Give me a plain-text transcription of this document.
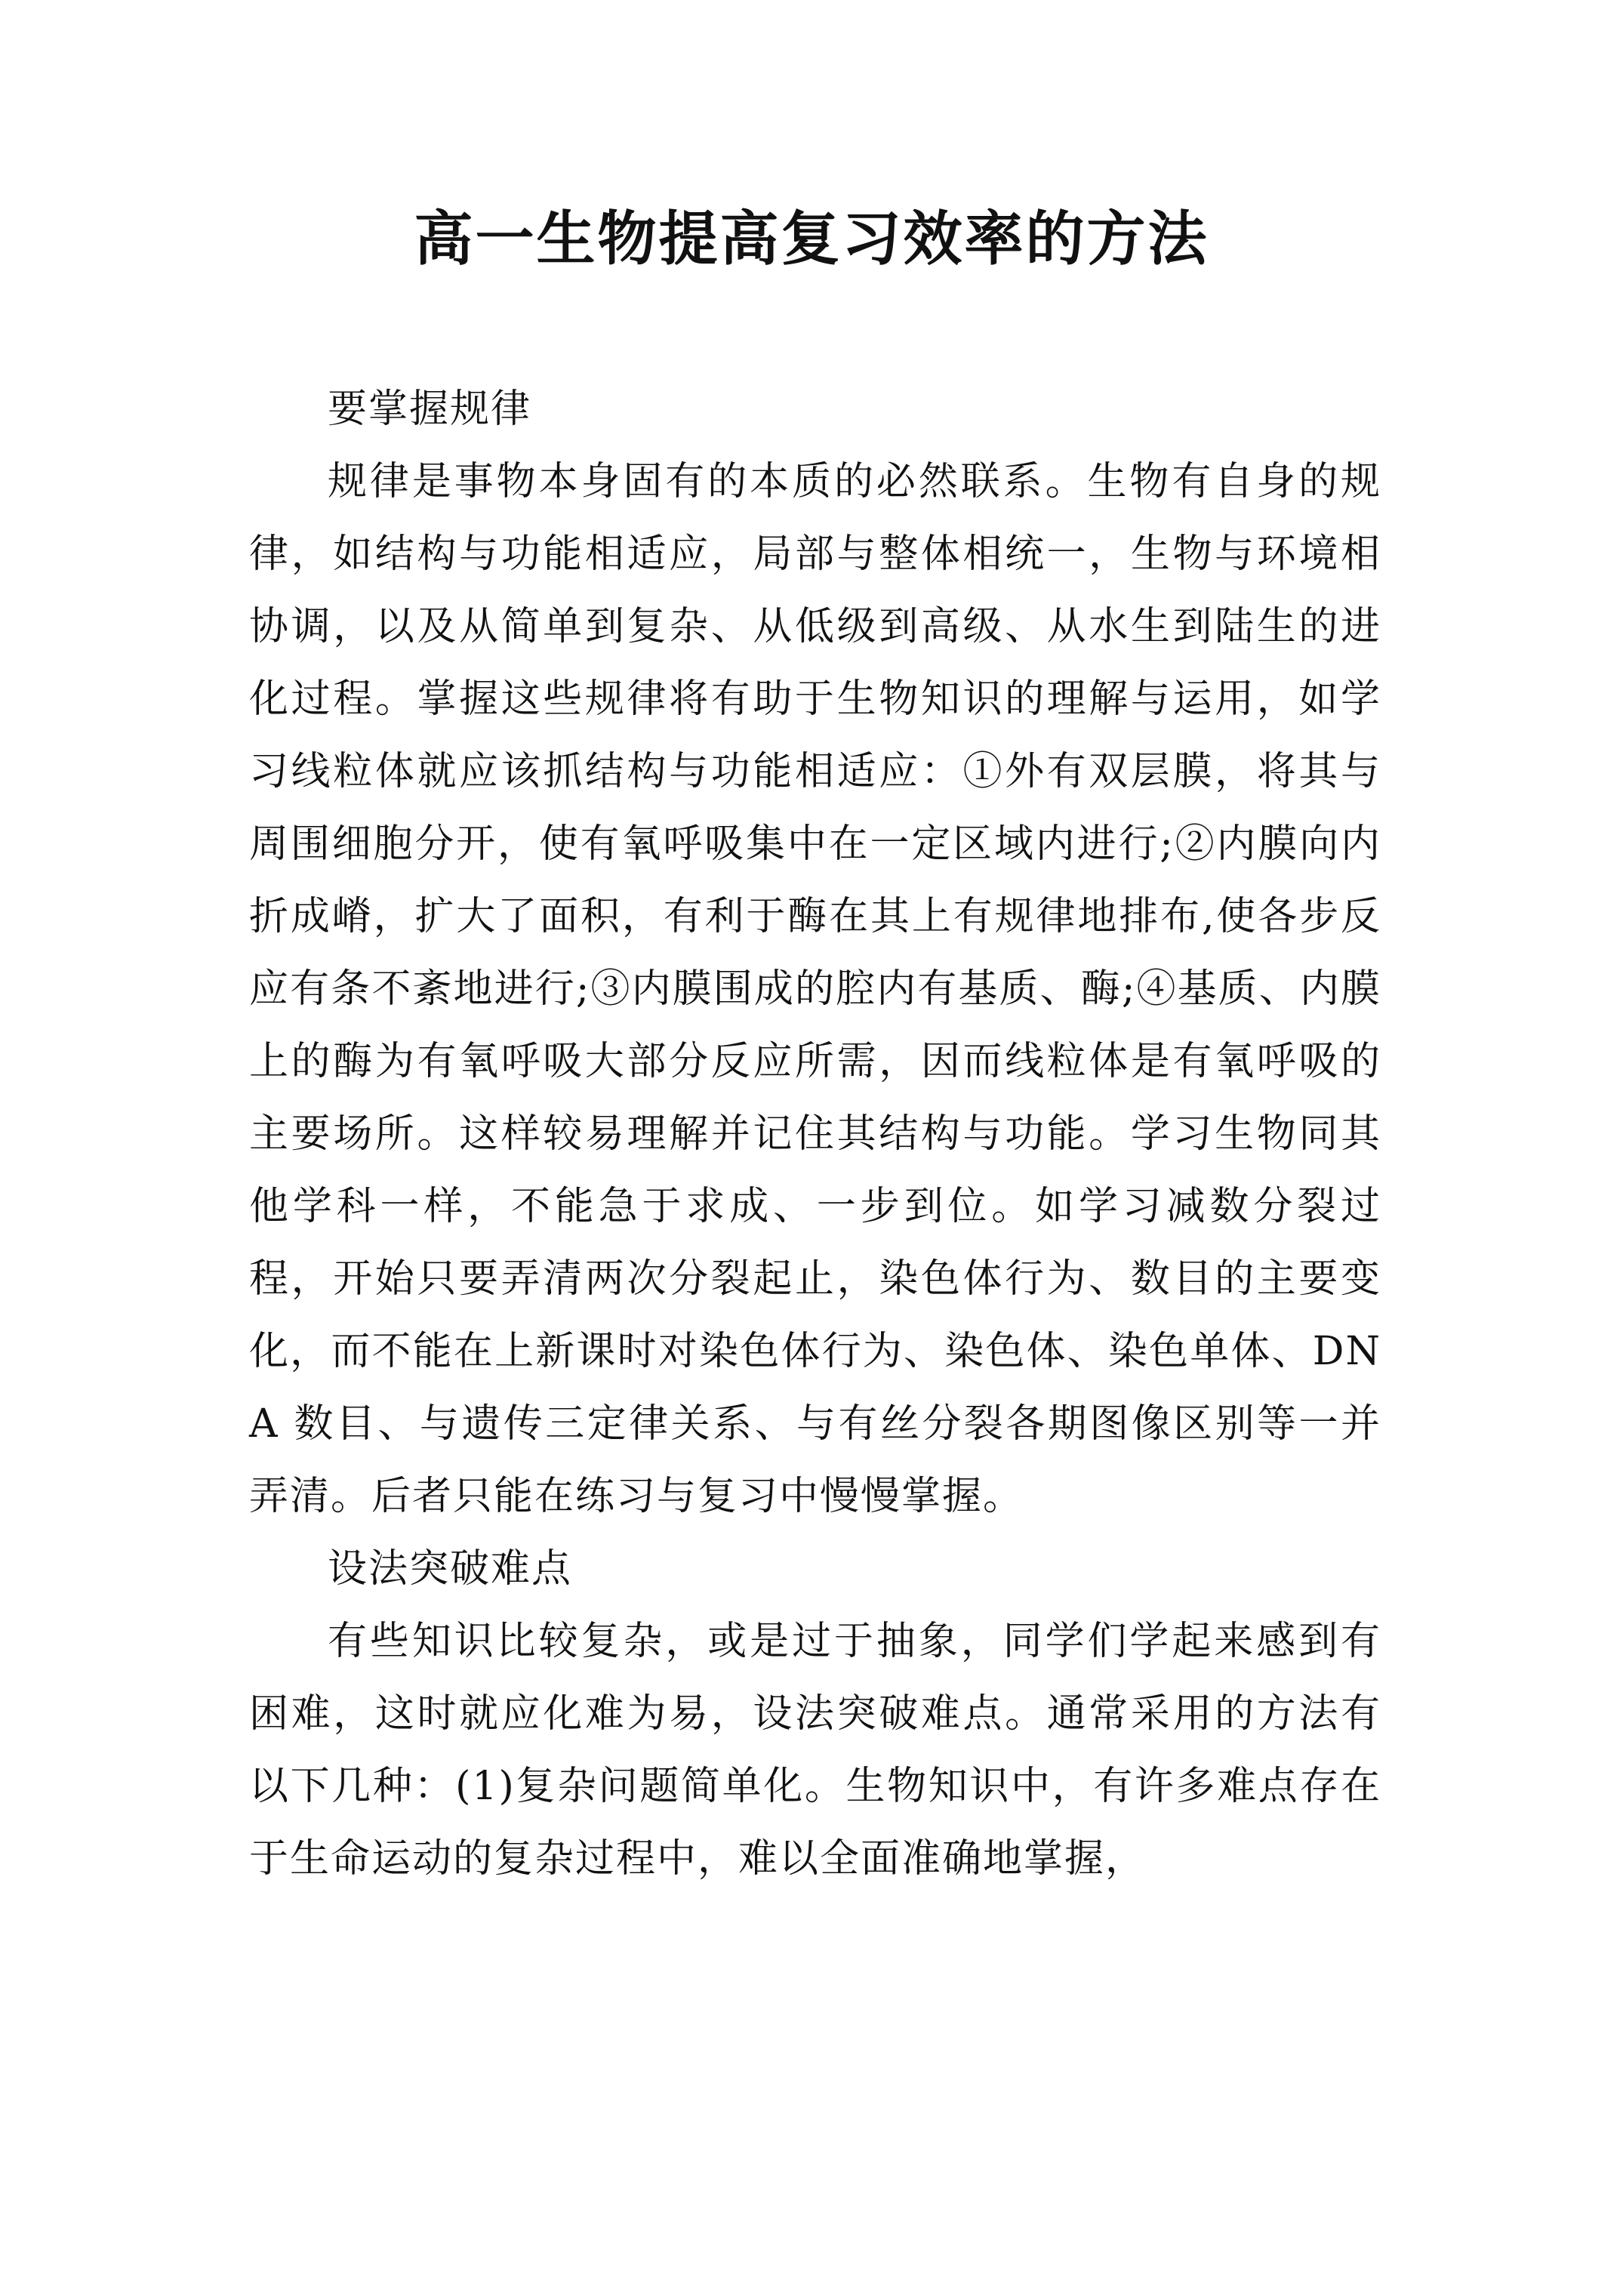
高一生物提高复习效率的方法

要掌握规律

规律是事物本身固有的本质的必然联系。生物有自身的规律，如结构与功能相适应，局部与整体相统一，生物与环境相协调，以及从简单到复杂、从低级到高级、从水生到陆生的进化过程。掌握这些规律将有助于生物知识的理解与运用，如学习线粒体就应该抓结构与功能相适应：①外有双层膜，将其与周围细胞分开，使有氧呼吸集中在一定区域内进行;②内膜向内折成嵴，扩大了面积，有利于酶在其上有规律地排布,使各步反应有条不紊地进行;③内膜围成的腔内有基质、酶;④基质、内膜上的酶为有氧呼吸大部分反应所需，因而线粒体是有氧呼吸的主要场所。这样较易理解并记住其结构与功能。学习生物同其他学科一样，不能急于求成、一步到位。如学习减数分裂过程，开始只要弄清两次分裂起止，染色体行为、数目的主要变化，而不能在上新课时对染色体行为、染色体、染色单体、DNA 数目、与遗传三定律关系、与有丝分裂各期图像区别等一并弄清。后者只能在练习与复习中慢慢掌握。

设法突破难点

有些知识比较复杂，或是过于抽象，同学们学起来感到有困难，这时就应化难为易，设法突破难点。通常采用的方法有以下几种：(1)复杂问题简单化。生物知识中，有许多难点存在于生命运动的复杂过程中，难以全面准确地掌握，
